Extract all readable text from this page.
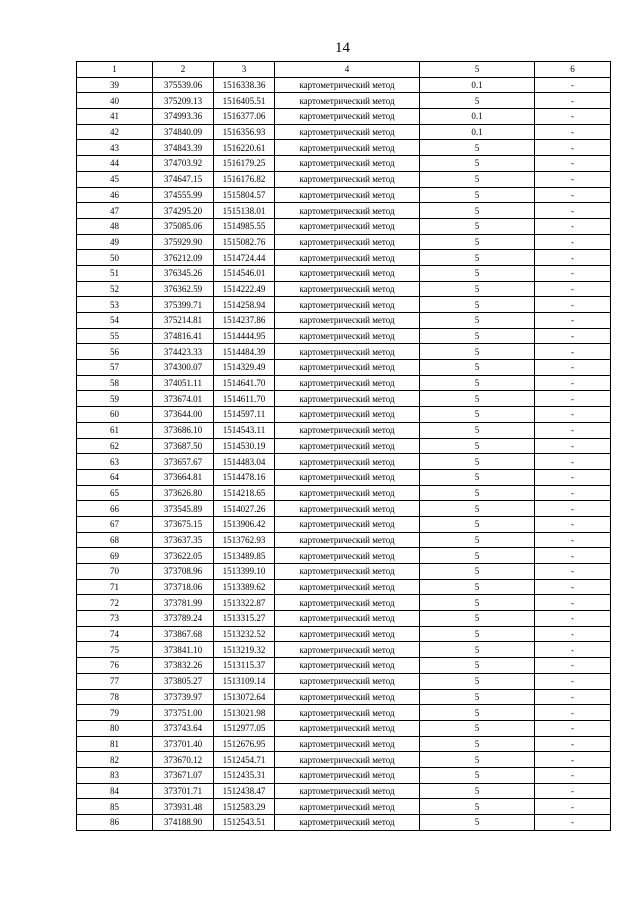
14
1	2	3	4	5	6
39	375539.06	1516338.36	картометрический метод	0.1	-
40	375209.13	1516405.51	картометрический метод	5	-
41	374993.36	1516377.06	картометрический метод	0.1	-
42	374840.09	1516356.93	картометрический метод	0.1	-
43	374843.39	1516220.61	картометрический метод	5	-
44	374703.92	1516179.25	картометрический метод	5	-
45	374647.15	1516176.82	картометрический метод	5	-
46	374555.99	1515804.57	картометрический метод	5	-
47	374295.20	1515138.01	картометрический метод	5	-
48	375085.06	1514985.55	картометрический метод	5	-
49	375929.90	1515082.76	картометрический метод	5	-
50	376212.09	1514724.44	картометрический метод	5	-
51	376345.26	1514546.01	картометрический метод	5	-
52	376362.59	1514222.49	картометрический метод	5	-
53	375399.71	1514258.94	картометрический метод	5	-
54	375214.81	1514237.86	картометрический метод	5	-
55	374816.41	1514444.95	картометрический метод	5	-
56	374423.33	1514484.39	картометрический метод	5	-
57	374300.07	1514329.49	картометрический метод	5	-
58	374051.11	1514641.70	картометрический метод	5	-
59	373674.01	1514611.70	картометрический метод	5	-
60	373644.00	1514597.11	картометрический метод	5	-
61	373686.10	1514543.11	картометрический метод	5	-
62	373687.50	1514530.19	картометрический метод	5	-
63	373657.67	1514483.04	картометрический метод	5	-
64	373664.81	1514478.16	картометрический метод	5	-
65	373626.80	1514218.65	картометрический метод	5	-
66	373545.89	1514027.26	картометрический метод	5	-
67	373675.15	1513906.42	картометрический метод	5	-
68	373637.35	1513762.93	картометрический метод	5	-
69	373622.05	1513489.85	картометрический метод	5	-
70	373708.96	1513399.10	картометрический метод	5	-
71	373718.06	1513389.62	картометрический метод	5	-
72	373781.99	1513322.87	картометрический метод	5	-
73	373789.24	1513315.27	картометрический метод	5	-
74	373867.68	1513232.52	картометрический метод	5	-
75	373841.10	1513219.32	картометрический метод	5	-
76	373832.26	1513115.37	картометрический метод	5	-
77	373805.27	1513109.14	картометрический метод	5	-
78	373739.97	1513072.64	картометрический метод	5	-
79	373751.00	1513021.98	картометрический метод	5	-
80	373743.64	1512977.05	картометрический метод	5	-
81	373701.40	1512676.95	картометрический метод	5	-
82	373670.12	1512454.71	картометрический метод	5	-
83	373671.07	1512435.31	картометрический метод	5	-
84	373701.71	1512438.47	картометрический метод	5	-
85	373931.48	1512583.29	картометрический метод	5	-
86	374188.90	1512543.51	картометрический метод	5	-
